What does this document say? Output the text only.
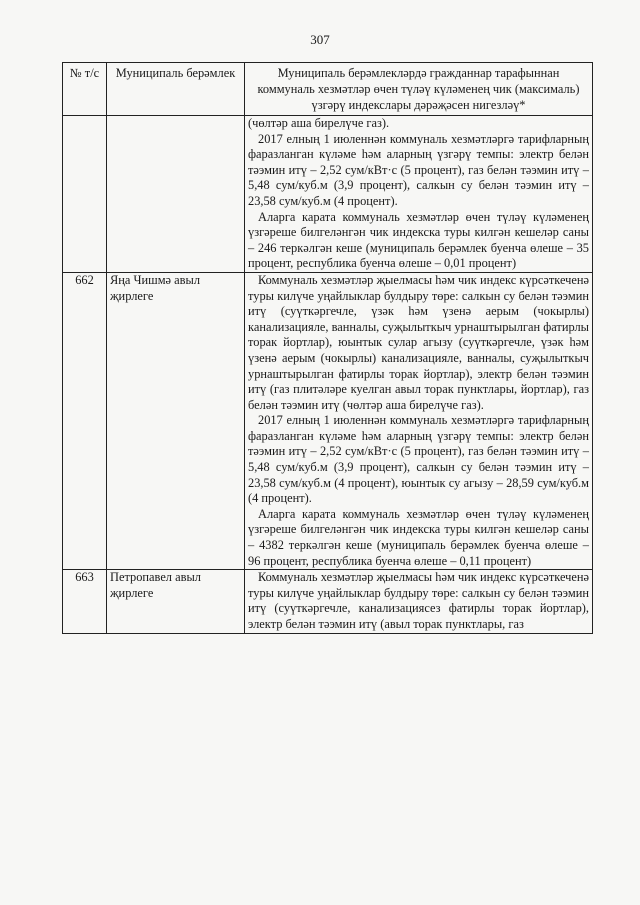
307
№ т/с	Муниципаль берәмлек	Муниципаль берәмлекләрдә гражданнар тарафыннан коммуналь хезмәтләр өчен түләү күләменең чик (максималь) үзгәрү индекслары дәрәҗәсен нигезләү*

		(чөлтәр аша бирелүче газ).

2017 елның 1 июленнән коммуналь хезмәтләргә тарифларның фаразланган күләме һәм аларның үзгәрү темпы: электр белән тәэмин итү – 2,52 сум/кВт·с (5 процент), газ белән тәэмин итү – 5,48 сум/куб.м (3,9 процент), салкын су белән тәэмин итү – 23,58 сум/куб.м (4 процент).

Аларга карата коммуналь хезмәтләр өчен түләү күләменең үзгәреше билгеләнгән чик индекска туры килгән кешеләр саны – 246 теркәлгән кеше (муниципаль берәмлек буенча өлеше – 35 процент, республика буенча өлеше – 0,01 процент)

662	Яңа Чишмә авыл җирлеге	Коммуналь хезмәтләр җыелмасы һәм чик индекс күрсәткеченә туры килүче уңайлыклар булдыру төре: салкын су белән тәэмин итү (суүткәргечле, үзәк һәм үзенә аерым (чокырлы) канализацияле, ванналы, суҗылыткыч урнаштырылган фатирлы торак йортлар), юынтык сулар агызу (суүткәргечле, үзәк һәм үзенә аерым (чокырлы) канализацияле, ванналы, суҗылыткыч урнаштырылган фатирлы торак йортлар), электр белән тәэмин итү (газ плитәләре куелган авыл торак пунктлары, йортлар), газ белән тәэмин итү (чөлтәр аша бирелүче газ).

2017 елның 1 июленнән коммуналь хезмәтләргә тарифларның фаразланган күләме һәм аларның үзгәрү темпы: электр белән тәэмин итү – 2,52 сум/кВт·с (5 процент), газ белән тәэмин итү – 5,48 сум/куб.м (3,9 процент), салкын су белән тәэмин итү – 23,58 сум/куб.м (4 процент), юынтык су агызу – 28,59 сум/куб.м (4 процент).

Аларга карата коммуналь хезмәтләр өчен түләү күләменең үзгәреше билгеләнгән чик индекска туры килгән кешеләр саны – 4382 теркәлгән кеше (муниципаль берәмлек буенча өлеше – 96 процент, республика буенча өлеше – 0,11 процент)

663	Петропавел авыл җирлеге	Коммуналь хезмәтләр җыелмасы һәм чик индекс күрсәткеченә туры килүче уңайлыклар булдыру төре: салкын су белән тәэмин итү (суүткәргечле, канализациясез фатирлы торак йортлар), электр белән тәэмин итү (авыл торак пунктлары, газ
